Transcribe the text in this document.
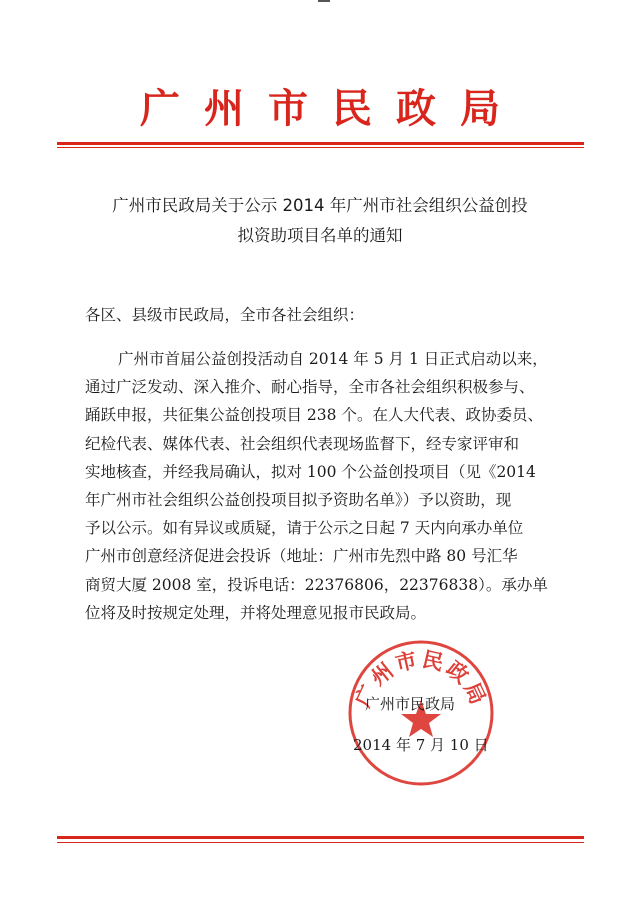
广州市民政局
广州市民政局关于公示 2014 年广州市社会组织公益创投
拟资助项目名单的通知
各区、县级市民政局，全市各社会组织：
广州市首届公益创投活动自 2014 年 5 月 1 日正式启动以来，
通过广泛发动、深入推介、耐心指导，全市各社会组织积极参与、
踊跃申报，共征集公益创投项目 238 个。在人大代表、政协委员、
纪检代表、媒体代表、社会组织代表现场监督下，经专家评审和
实地核查，并经我局确认，拟对 100 个公益创投项目（见《2014
年广州市社会组织公益创投项目拟予资助名单》）予以资助，现
予以公示。如有异议或质疑，请于公示之日起 7 天内向承办单位
广州市创意经济促进会投诉（地址：广州市先烈中路 80 号汇华
商贸大厦 2008 室，投诉电话：22376806，22376838）。承办单
位将及时按规定处理，并将处理意见报市民政局。
广州市民政局
广州市民政局
2014 年 7 月 10 日
